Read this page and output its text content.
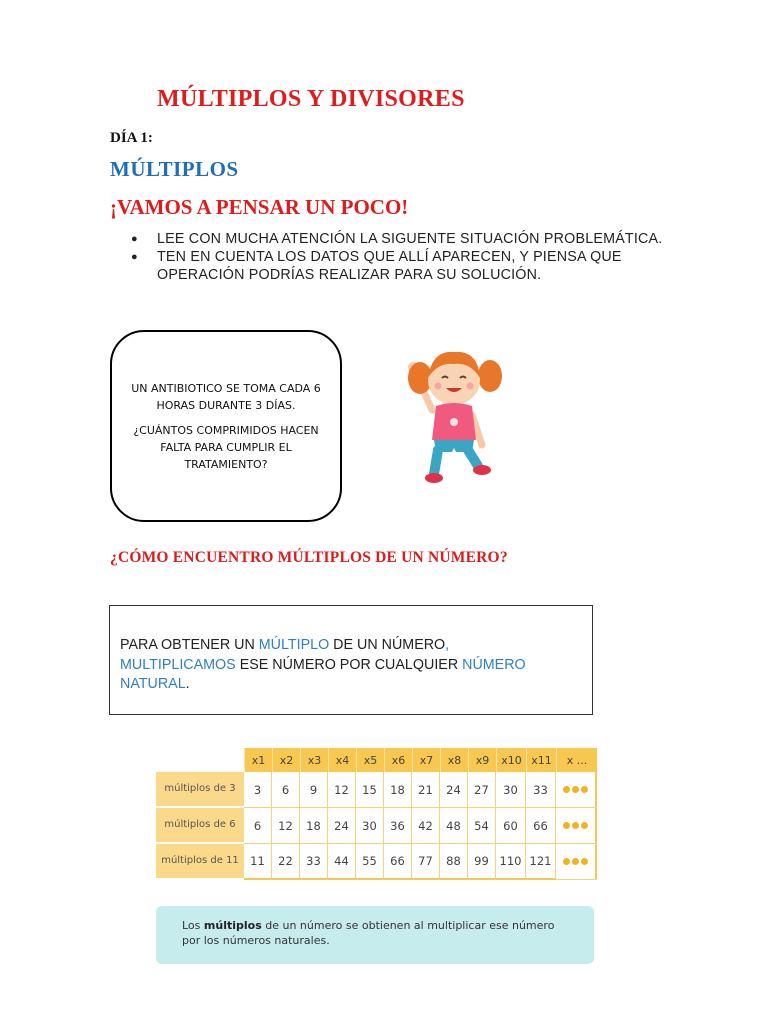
MÚLTIPLOS Y DIVISORES
DÍA 1:
MÚLTIPLOS
¡VAMOS A PENSAR UN POCO!
● LEE CON MUCHA ATENCIÓN LA SIGUENTE SITUACIÓN PROBLEMÁTICA.
● TEN EN CUENTA LOS DATOS QUE ALLÍ APARECEN, Y PIENSA QUE OPERACIÓN PODRÍAS REALIZAR PARA SU SOLUCIÓN.

UN ANTIBIOTICO SE TOMA CADA 6 HORAS DURANTE 3 DÍAS.

¿CUÁNTOS COMPRIMIDOS HACEN FALTA PARA CUMPLIR EL TRATAMIENTO?

¿CÓMO ENCUENTRO MÚLTIPLOS DE UN NÚMERO?
PARA OBTENER UN MÚLTIPLO DE UN NÚMERO,
MULTIPLICAMOS ESE NÚMERO POR CUALQUIER NÚMERO NATURAL.
	x1	x2	x3	x4	x5	x6	x7	x8	x9	x10	x11	x ...
múltiplos de 3	3	6	9	12	15	18	21	24	27	30	33	
múltiplos de 6	6	12	18	24	30	36	42	48	54	60	66	
múltiplos de 11	11	22	33	44	55	66	77	88	99	110	121	
Los múltiplos de un número se obtienen al multiplicar ese número por los números naturales.
